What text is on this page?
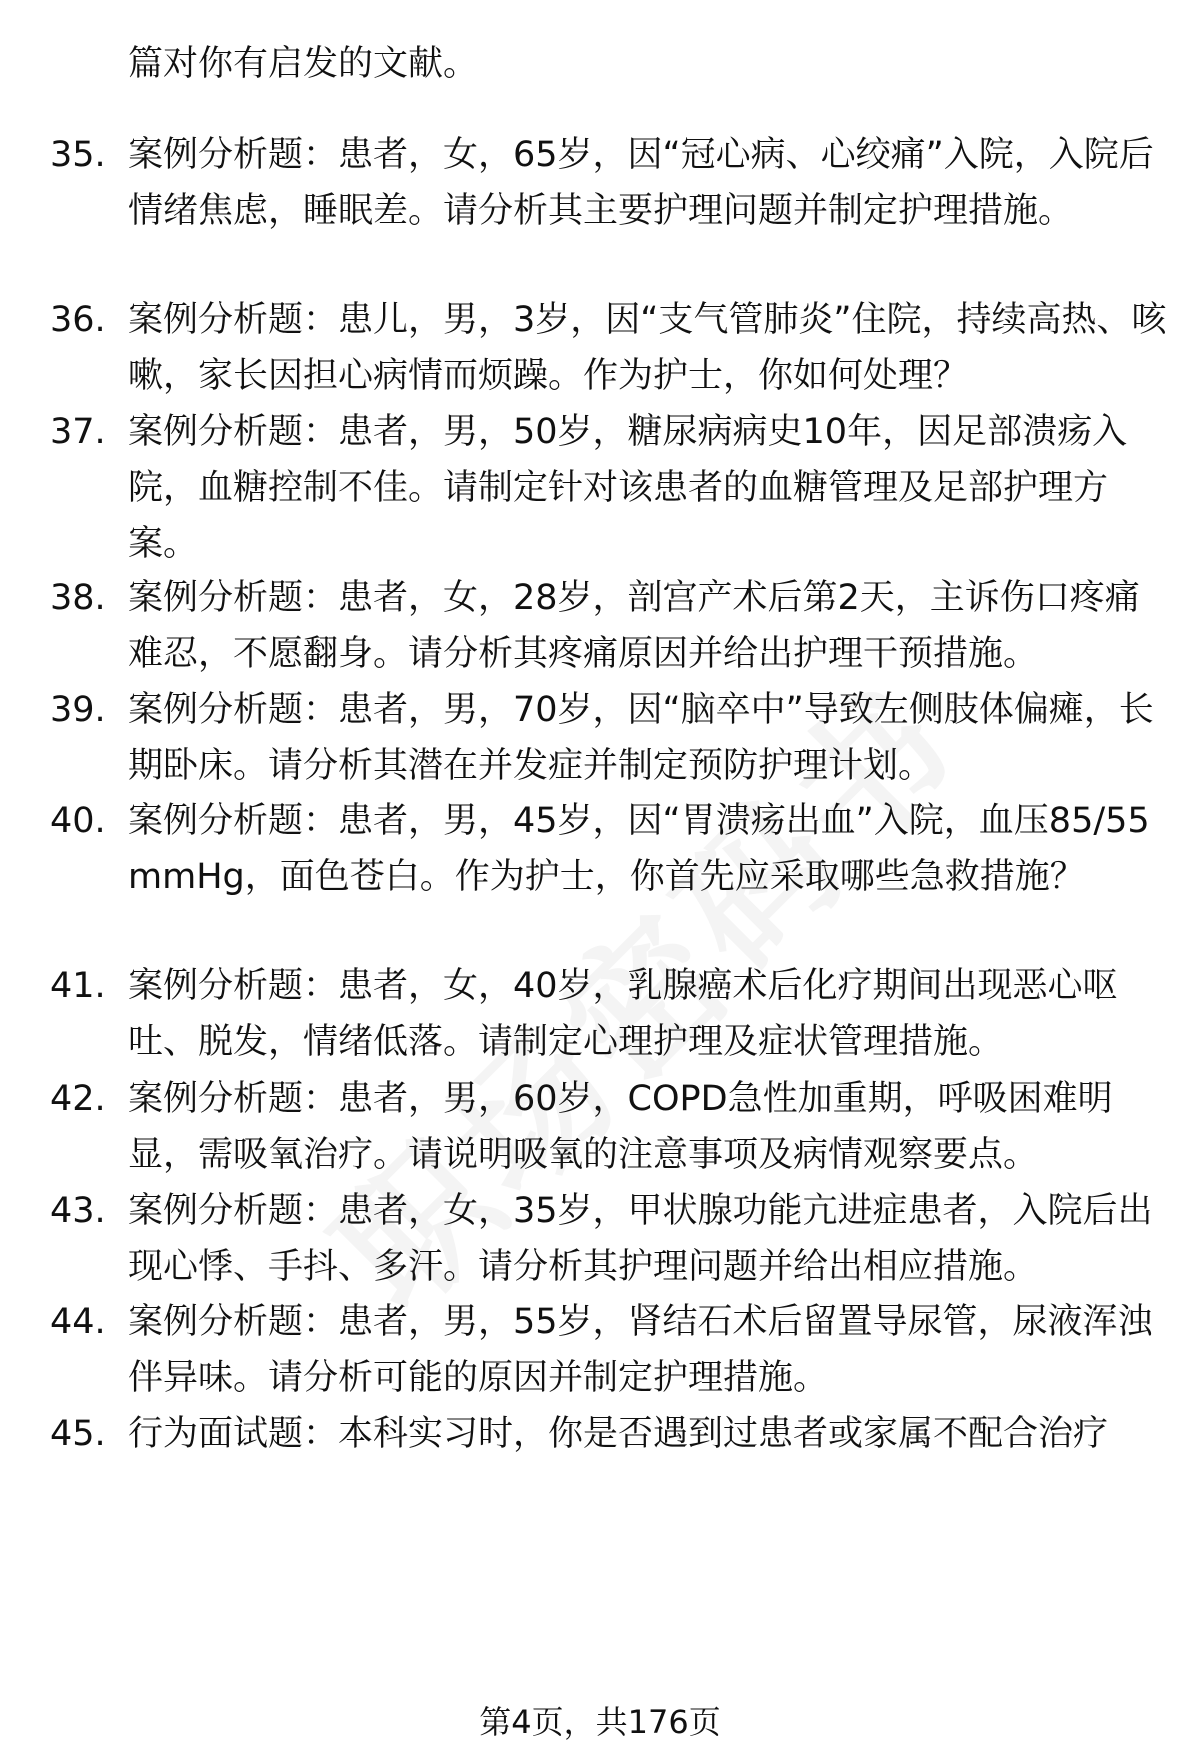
篇对你有启发的文献。
35. 案例分析题：患者，女，65岁，因“冠心病、心绞痛”入院，入院后情绪焦虑，睡眠差。请分析其主要护理问题并制定护理措施。
36. 案例分析题：患儿，男，3岁，因“支气管肺炎”住院，持续高热、咳嗽，家长因担心病情而烦躁。作为护士，你如何处理？
37. 案例分析题：患者，男，50岁，糖尿病病史10年，因足部溃疡入院，血糖控制不佳。请制定针对该患者的血糖管理及足部护理方案。
38. 案例分析题：患者，女，28岁，剖宫产术后第2天，主诉伤口疼痛难忍，不愿翻身。请分析其疼痛原因并给出护理干预措施。
39. 案例分析题：患者，男，70岁，因“脑卒中”导致左侧肢体偏瘫，长期卧床。请分析其潜在并发症并制定预防护理计划。
40. 案例分析题：患者，男，45岁，因“胃溃疡出血”入院，血压85/55mmHg，面色苍白。作为护士，你首先应采取哪些急救措施？
41. 案例分析题：患者，女，40岁，乳腺癌术后化疗期间出现恶心呕吐、脱发，情绪低落。请制定心理护理及症状管理措施。
42. 案例分析题：患者，男，60岁，COPD急性加重期，呼吸困难明显，需吸氧治疗。请说明吸氧的注意事项及病情观察要点。
43. 案例分析题：患者，女，35岁，甲状腺功能亢进症患者，入院后出现心悸、手抖、多汗。请分析其护理问题并给出相应措施。
44. 案例分析题：患者，男，55岁，肾结石术后留置导尿管，尿液浑浊伴异味。请分析可能的原因并制定护理措施。
45. 行为面试题：本科实习时，你是否遇到过患者或家属不配合治疗
第4页，共176页
